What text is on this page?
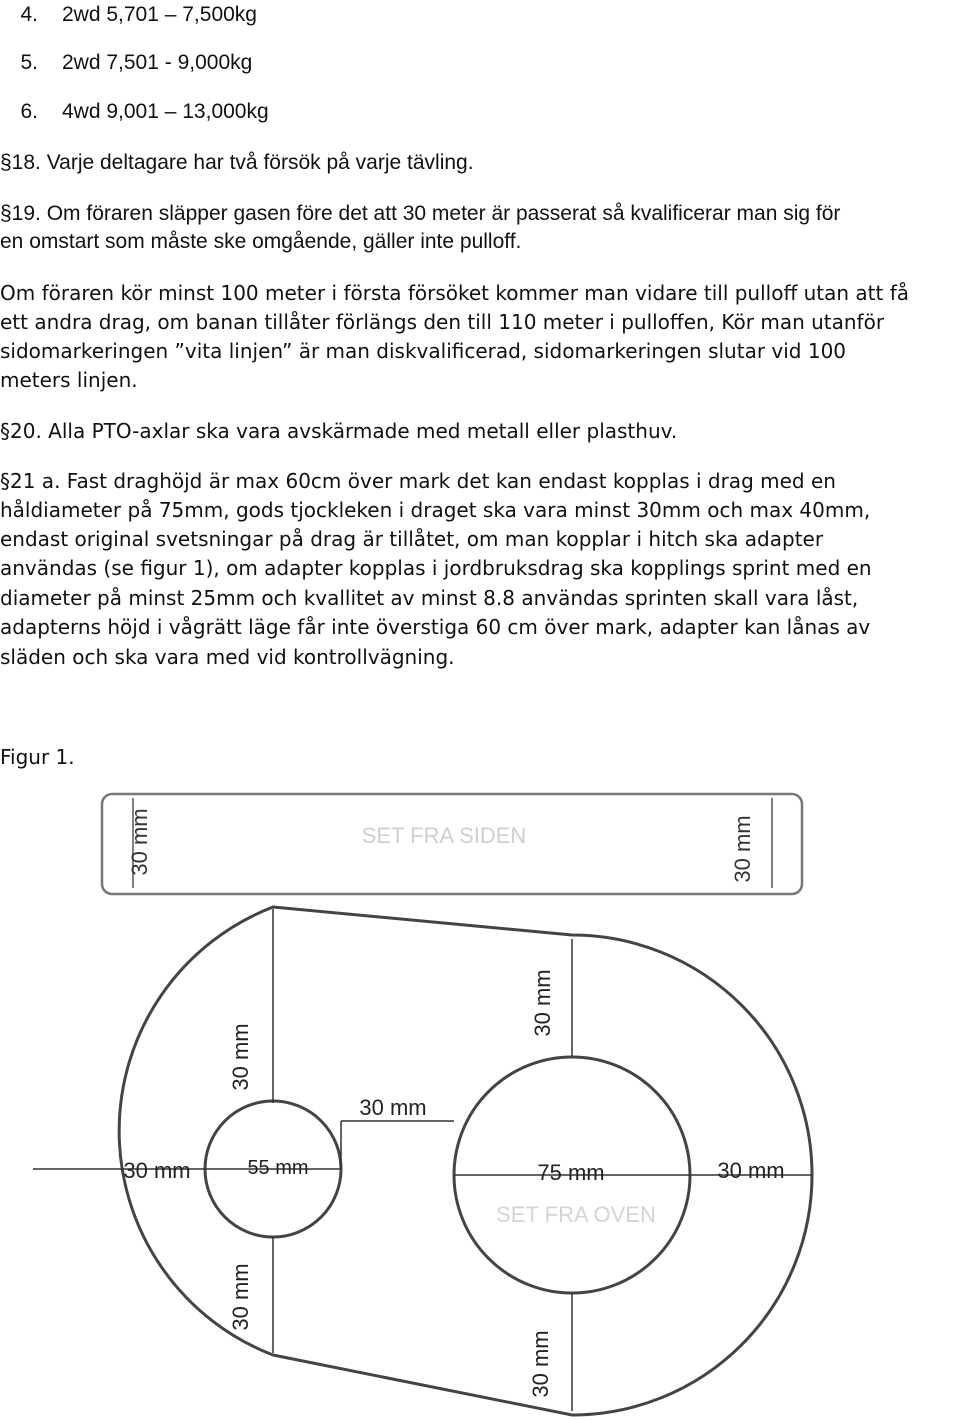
4. 2wd 5,701 – 7,500kg
5. 2wd 7,501 - 9,000kg
6. 4wd 9,001 – 13,000kg
§18. Varje deltagare har två försök på varje tävling.
§19. Om föraren släpper gasen före det att 30 meter är passerat så kvalificerar man sig för
en omstart som måste ske omgående, gäller inte pulloff.
Om föraren kör minst 100 meter i första försöket kommer man vidare till pulloff utan att få
ett andra drag, om banan tillåter förlängs den till 110 meter i pulloffen, Kör man utanför
sidomarkeringen ”vita linjen” är man diskvalificerad, sidomarkeringen slutar vid 100
meters linjen.
§20. Alla PTO-axlar ska vara avskärmade med metall eller plasthuv.
§21 a. Fast draghöjd är max 60cm över mark det kan endast kopplas i drag med en
håldiameter på 75mm, gods tjockleken i draget ska vara minst 30mm och max 40mm,
endast original svetsningar på drag är tillåtet, om man kopplar i hitch ska adapter
användas (se figur 1), om adapter kopplas i jordbruksdrag ska kopplings sprint med en
diameter på minst 25mm och kvallitet av minst 8.8 användas sprinten skall vara låst,
adapterns höjd i vågrätt läge får inte överstiga 60 cm över mark, adapter kan lånas av
släden och ska vara med vid kontrollvägning.
Figur 1.
30 mm	30 mm
SET FRA SIDEN
30 mm
30 mm
30 mm
30 mm	55 mm	75 mm	30 mm
30 mm
30 mm
SET FRA OVEN
